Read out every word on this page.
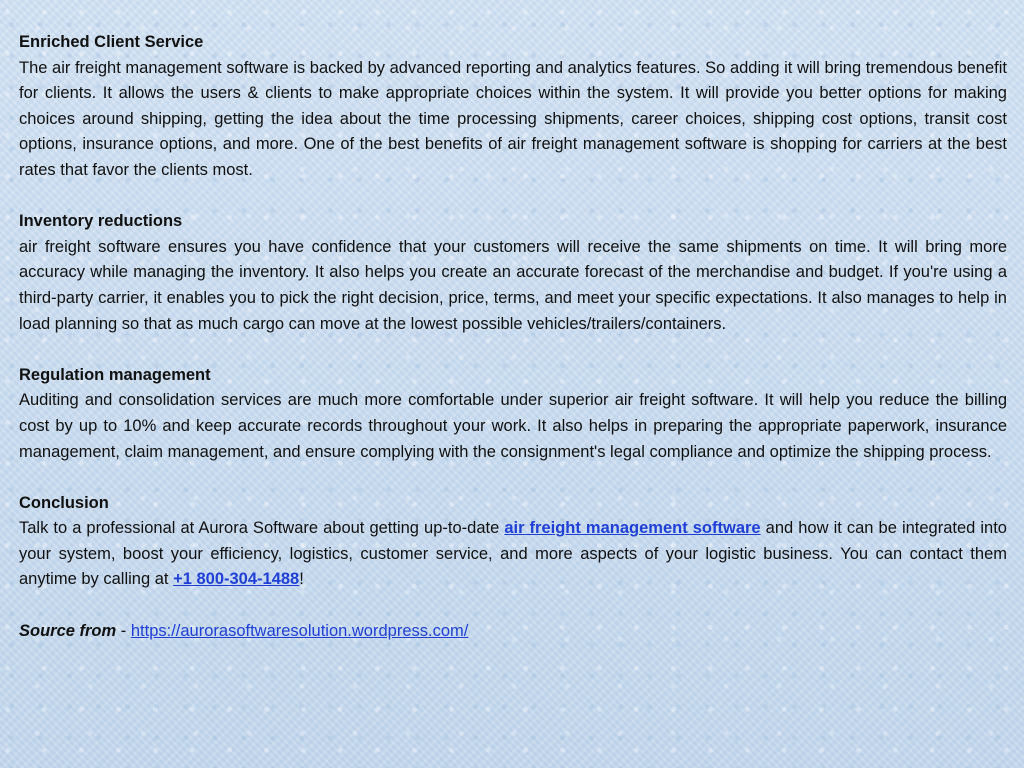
Enriched Client Service

The air freight management software is backed by advanced reporting and analytics features. So adding it will bring tremendous benefit for clients. It allows the users & clients to make appropriate choices within the system. It will provide you better options for making choices around shipping, getting the idea about the time processing shipments, career choices, shipping cost options, transit cost options, insurance options, and more. One of the best benefits of air freight management software is shopping for carriers at the best rates that favor the clients most.

Inventory reductions

air freight software ensures you have confidence that your customers will receive the same shipments on time. It will bring more accuracy while managing the inventory. It also helps you create an accurate forecast of the merchandise and budget. If you're using a third-party carrier, it enables you to pick the right decision, price, terms, and meet your specific expectations. It also manages to help in load planning so that as much cargo can move at the lowest possible vehicles/trailers/containers.

Regulation management

Auditing and consolidation services are much more comfortable under superior air freight software. It will help you reduce the billing cost by up to 10% and keep accurate records throughout your work. It also helps in preparing the appropriate paperwork, insurance management, claim management, and ensure complying with the consignment's legal compliance and optimize the shipping process.

Conclusion

Talk to a professional at Aurora Software about getting up-to-date air freight management software and how it can be integrated into your system, boost your efficiency, logistics, customer service, and more aspects of your logistic business. You can contact them anytime by calling at +1 800-304-1488!

Source from - https://aurorasoftwaresolution.wordpress.com/
